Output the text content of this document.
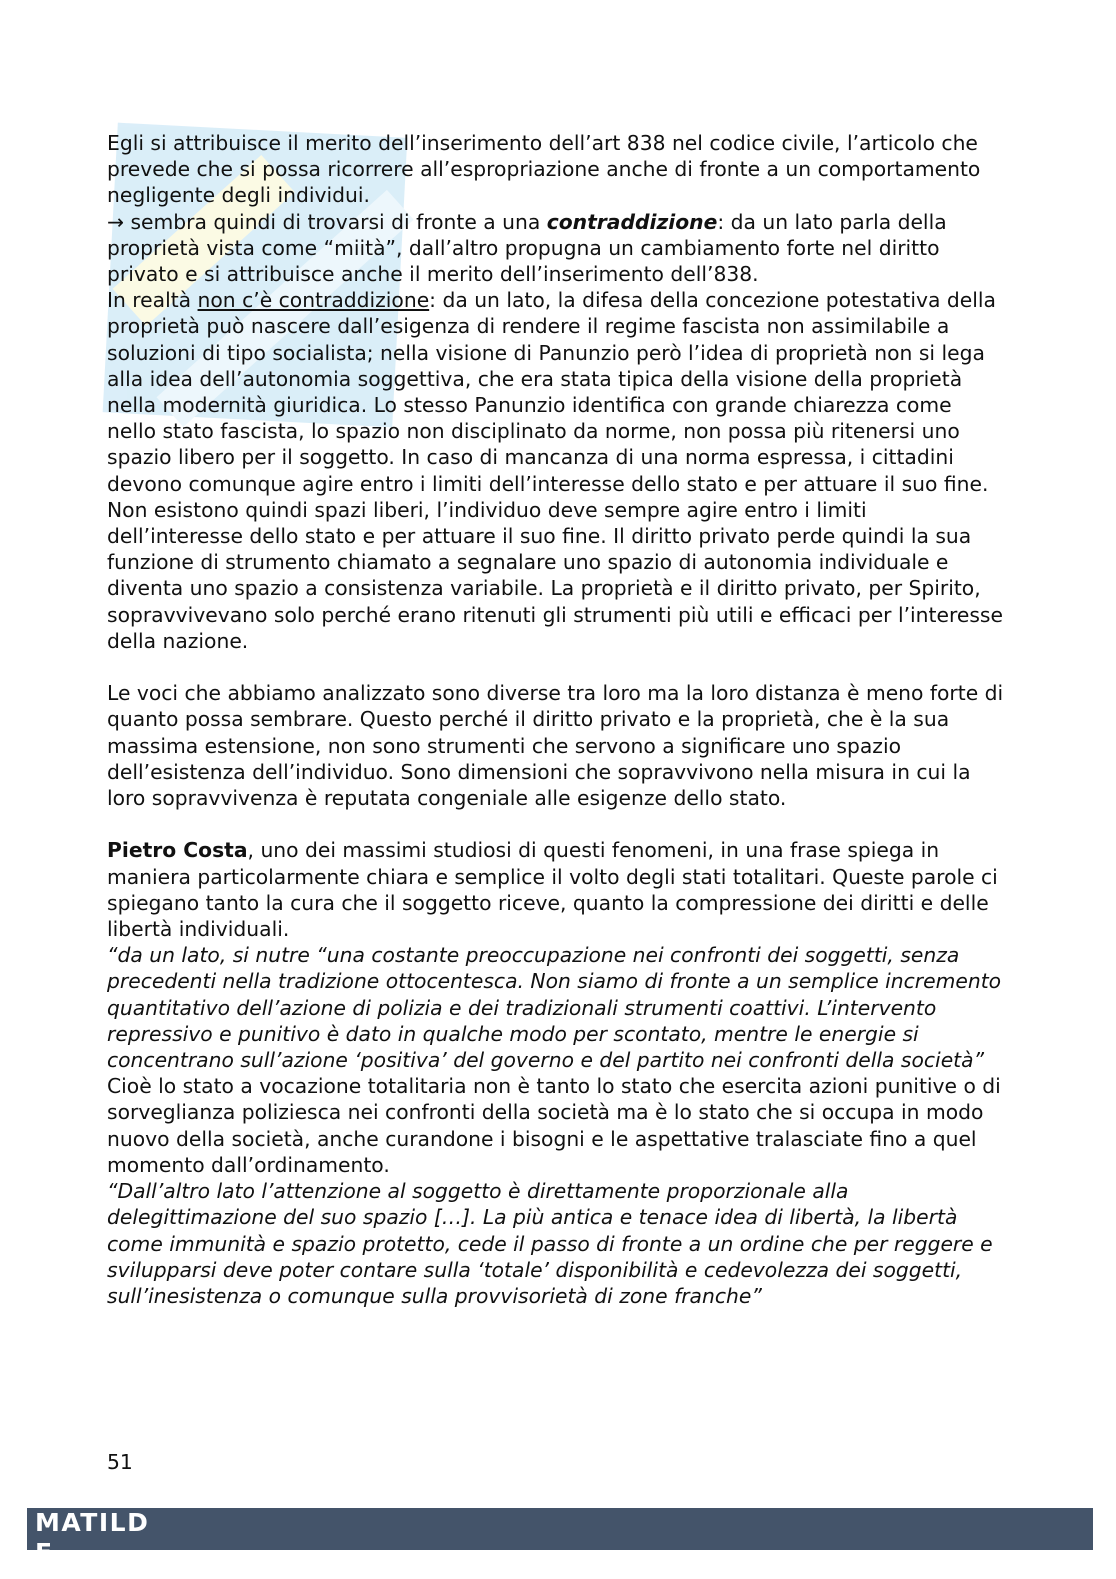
Egli si attribuisce il merito dell’inserimento dell’art 838 nel codice civile, l’articolo che prevede che si possa ricorrere all’espropriazione anche di fronte a un comportamento negligente degli individui.

→ sembra quindi di trovarsi di fronte a una contraddizione: da un lato parla della proprietà vista come “miità”, dall’altro propugna un cambiamento forte nel diritto privato e si attribuisce anche il merito dell’inserimento dell’838.

In realtà non c’è contraddizione: da un lato, la difesa della concezione potestativa della proprietà può nascere dall’esigenza di rendere il regime fascista non assimilabile a soluzioni di tipo socialista; nella visione di Panunzio però l’idea di proprietà non si lega alla idea dell’autonomia soggettiva, che era stata tipica della visione della proprietà nella modernità giuridica. Lo stesso Panunzio identifica con grande chiarezza come nello stato fascista, lo spazio non disciplinato da norme, non possa più ritenersi uno spazio libero per il soggetto. In caso di mancanza di una norma espressa, i cittadini devono comunque agire entro i limiti dell’interesse dello stato e per attuare il suo fine. Non esistono quindi spazi liberi, l’individuo deve sempre agire entro i limiti dell’interesse dello stato e per attuare il suo fine. Il diritto privato perde quindi la sua funzione di strumento chiamato a segnalare uno spazio di autonomia individuale e diventa uno spazio a consistenza variabile. La proprietà e il diritto privato, per Spirito, sopravvivevano solo perché erano ritenuti gli strumenti più utili e efficaci per l’interesse della nazione.

Le voci che abbiamo analizzato sono diverse tra loro ma la loro distanza è meno forte di quanto possa sembrare. Questo perché il diritto privato e la proprietà, che è la sua massima estensione, non sono strumenti che servono a significare uno spazio dell’esistenza dell’individuo. Sono dimensioni che sopravvivono nella misura in cui la loro sopravvivenza è reputata congeniale alle esigenze dello stato.

Pietro Costa, uno dei massimi studiosi di questi fenomeni, in una frase spiega in maniera particolarmente chiara e semplice il volto degli stati totalitari. Queste parole ci spiegano tanto la cura che il soggetto riceve, quanto la compressione dei diritti e delle libertà individuali.

“da un lato, si nutre “una costante preoccupazione nei confronti dei soggetti, senza precedenti nella tradizione ottocentesca. Non siamo di fronte a un semplice incremento quantitativo dell’azione di polizia e dei tradizionali strumenti coattivi. L’intervento repressivo e punitivo è dato in qualche modo per scontato, mentre le energie si concentrano sull’azione ‘positiva’ del governo e del partito nei confronti della società”

Cioè lo stato a vocazione totalitaria non è tanto lo stato che esercita azioni punitive o di sorveglianza poliziesca nei confronti della società ma è lo stato che si occupa in modo nuovo della società, anche curandone i bisogni e le aspettative tralasciate fino a quel momento dall’ordinamento.

“Dall’altro lato l’attenzione al soggetto è direttamente proporzionale alla delegittimazione del suo spazio […]. La più antica e tenace idea di libertà, la libertà come immunità e spazio protetto, cede il passo di fronte a un ordine che per reggere e svilupparsi deve poter contare sulla ‘totale’ disponibilità e cedevolezza dei soggetti, sull’inesistenza o comunque sulla provvisorietà di zone franche”

51
MATILDE
